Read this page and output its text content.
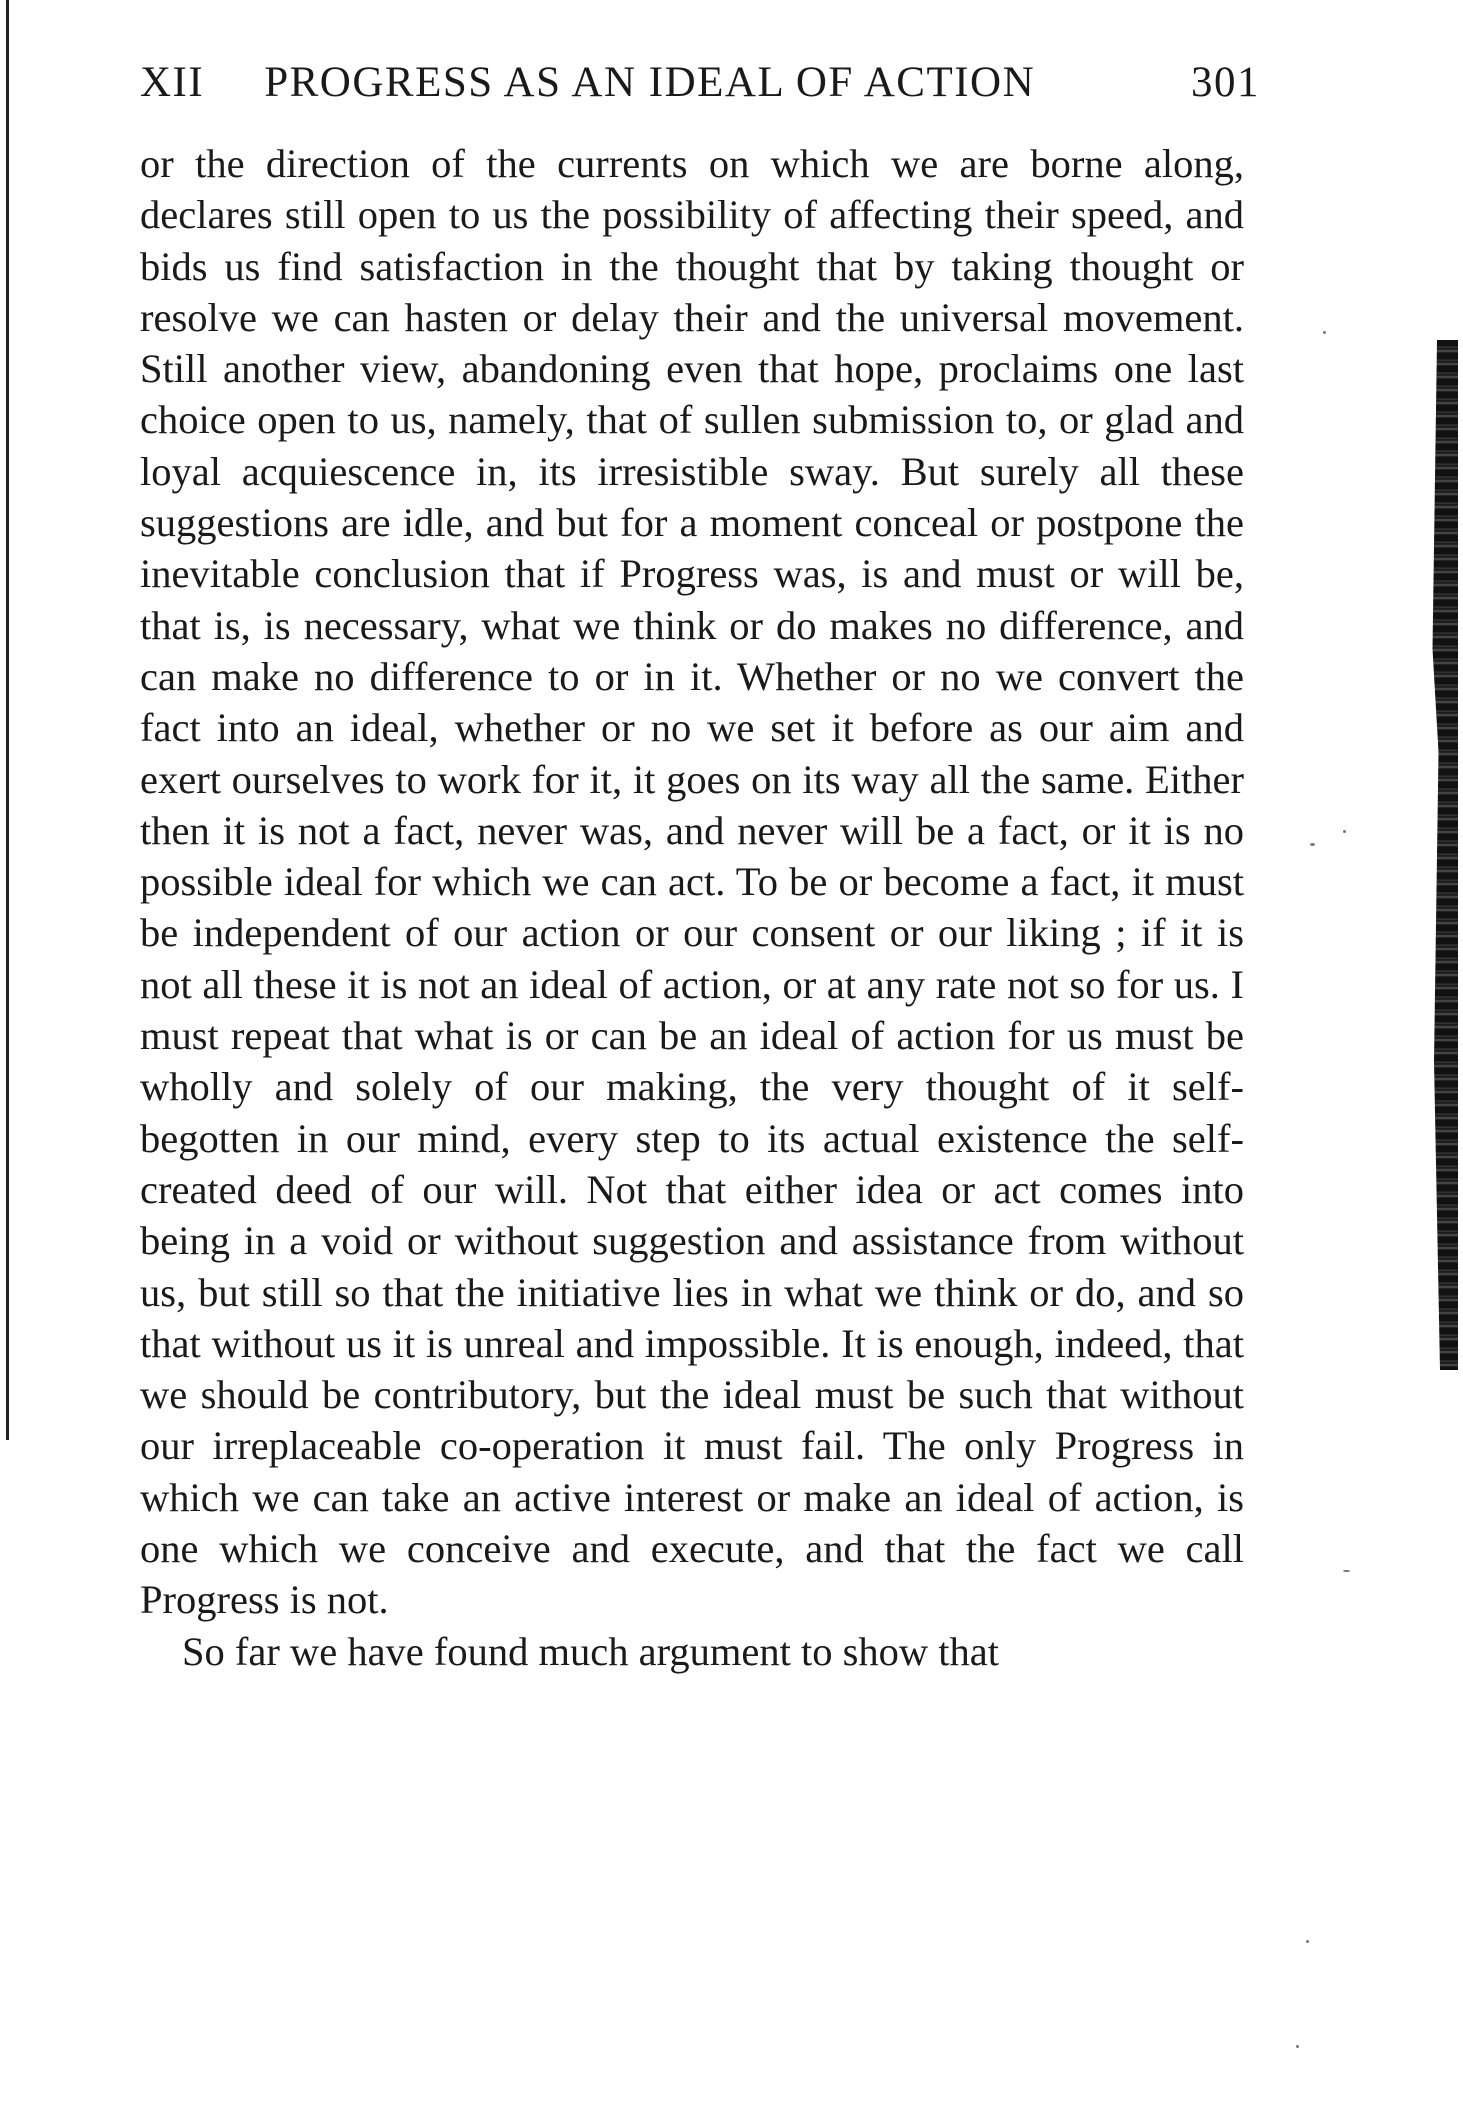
XII PROGRESS AS AN IDEAL OF ACTION	301

or the direction of the currents on which we are borne along, declares still open to us the possibility of affecting their speed, and bids us find satisfaction in the thought that by taking thought or resolve we can hasten or delay their and the universal movement. Still another view, abandoning even that hope, proclaims one last choice open to us, namely, that of sullen submission to, or glad and loyal acquiescence in, its irresistible sway. But surely all these suggestions are idle, and but for a moment conceal or postpone the inevitable conclusion that if Progress was, is and must or will be, that is, is necessary, what we think or do makes no difference, and can make no difference to or in it. Whether or no we convert the fact into an ideal, whether or no we set it before as our aim and exert ourselves to work for it, it goes on its way all the same. Either then it is not a fact, never was, and never will be a fact, or it is no possible ideal for which we can act. To be or become a fact, it must be independent of our action or our consent or our liking ; if it is not all these it is not an ideal of action, or at any rate not so for us. I must repeat that what is or can be an ideal of action for us must be wholly and solely of our making, the very thought of it self-begotten in our mind, every step to its actual existence the self-created deed of our will. Not that either idea or act comes into being in a void or without suggestion and assistance from without us, but still so that the initiative lies in what we think or do, and so that without us it is unreal and impossible. It is enough, indeed, that we should be contributory, but the ideal must be such that without our irreplaceable co-operation it must fail. The only Progress in which we can take an active interest or make an ideal of action, is one which we conceive and execute, and that the fact we call Progress is not.

So far we have found much argument to show that
